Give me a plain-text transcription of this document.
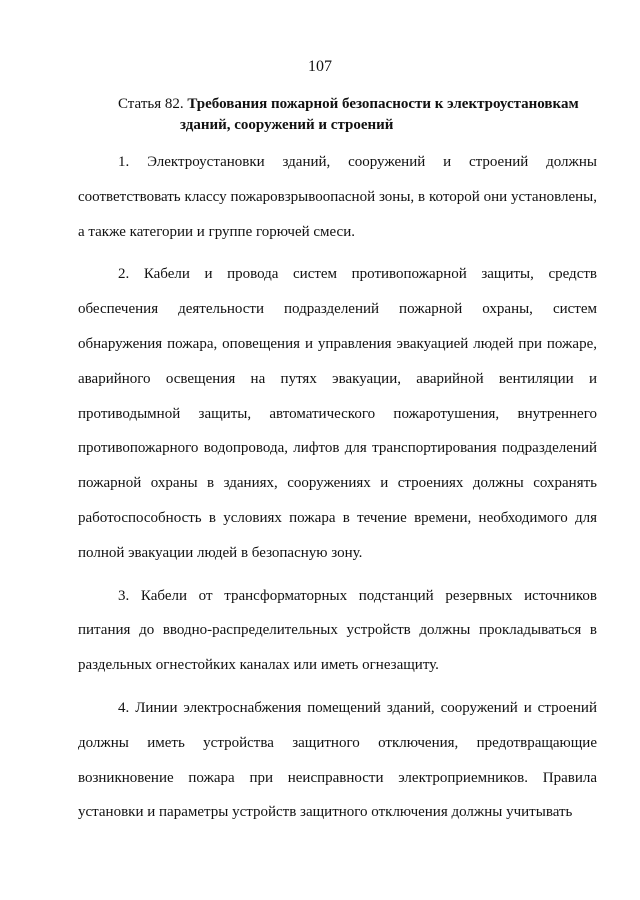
107
Статья 82. Требования пожарной безопасности к электроустановкам
зданий, сооружений и строений

1. Электроустановки зданий, сооружений и строений должны соответствовать классу пожаровзрывоопасной зоны, в которой они установлены, а также категории и группе горючей смеси.

2. Кабели и провода систем противопожарной защиты, средств обеспечения деятельности подразделений пожарной охраны, систем обнаружения пожара, оповещения и управления эвакуацией людей при пожаре, аварийного освещения на путях эвакуации, аварийной вентиляции и противодымной защиты, автоматического пожаротушения, внутреннего противопожарного водопровода, лифтов для транспортирования подразделений пожарной охраны в зданиях, сооружениях и строениях должны сохранять работоспособность в условиях пожара в течение времени, необходимого для полной эвакуации людей в безопасную зону.

3. Кабели от трансформаторных подстанций резервных источников питания до вводно-распределительных устройств должны прокладываться в раздельных огнестойких каналах или иметь огнезащиту.

4. Линии электроснабжения помещений зданий, сооружений и строений должны иметь устройства защитного отключения, предотвращающие возникновение пожара при неисправности электроприемников. Правила установки и параметры устройств защитного отключения должны учитывать
